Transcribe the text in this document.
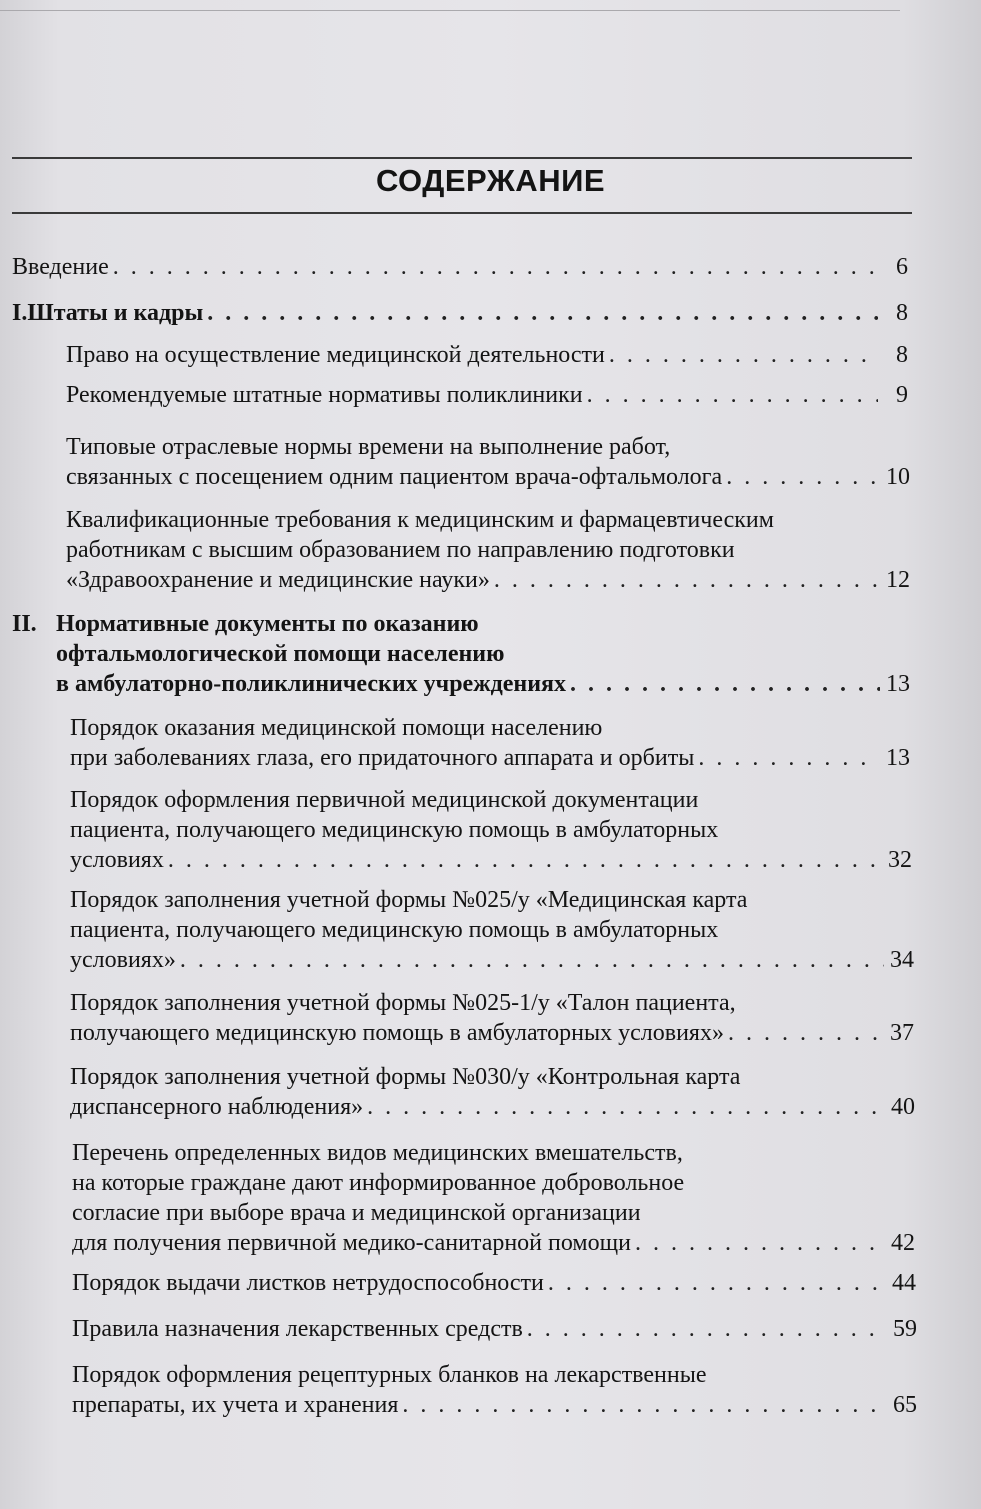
СОДЕРЖАНИЕ
Введение . . .	6
I. Штаты и кадры . . .	8
Право на осуществление медицинской деятельности . . .	8
Рекомендуемые штатные нормативы поликлиники . . .	9
Типовые отраслевые нормы времени на выполнение работ,
связанных с посещением одним пациентом врача-офтальмолога . . .	10
Квалификационные требования к медицинским и фармацевтическим
работникам с высшим образованием по направлению подготовки
«Здравоохранение и медицинские науки» . . .	12
II. Нормативные документы по оказанию
офтальмологической помощи населению
в амбулаторно-поликлинических учреждениях . . .	13
Порядок оказания медицинской помощи населению
при заболеваниях глаза, его придаточного аппарата и орбиты . . .	13
Порядок оформления первичной медицинской документации
пациента, получающего медицинскую помощь в амбулаторных
условиях . . .	32
Порядок заполнения учетной формы №025/у «Медицинская карта
пациента, получающего медицинскую помощь в амбулаторных
условиях» . . .	34
Порядок заполнения учетной формы №025-1/у «Талон пациента,
получающего медицинскую помощь в амбулаторных условиях» . . .	37
Порядок заполнения учетной формы №030/у «Контрольная карта
диспансерного наблюдения» . . .	40
Перечень определенных видов медицинских вмешательств,
на которые граждане дают информированное добровольное
согласие при выборе врача и медицинской организации
для получения первичной медико-санитарной помощи . . .	42
Порядок выдачи листков нетрудоспособности . . .	44
Правила назначения лекарственных средств . . .	59
Порядок оформления рецептурных бланков на лекарственные
препараты, их учета и хранения . . .	65
